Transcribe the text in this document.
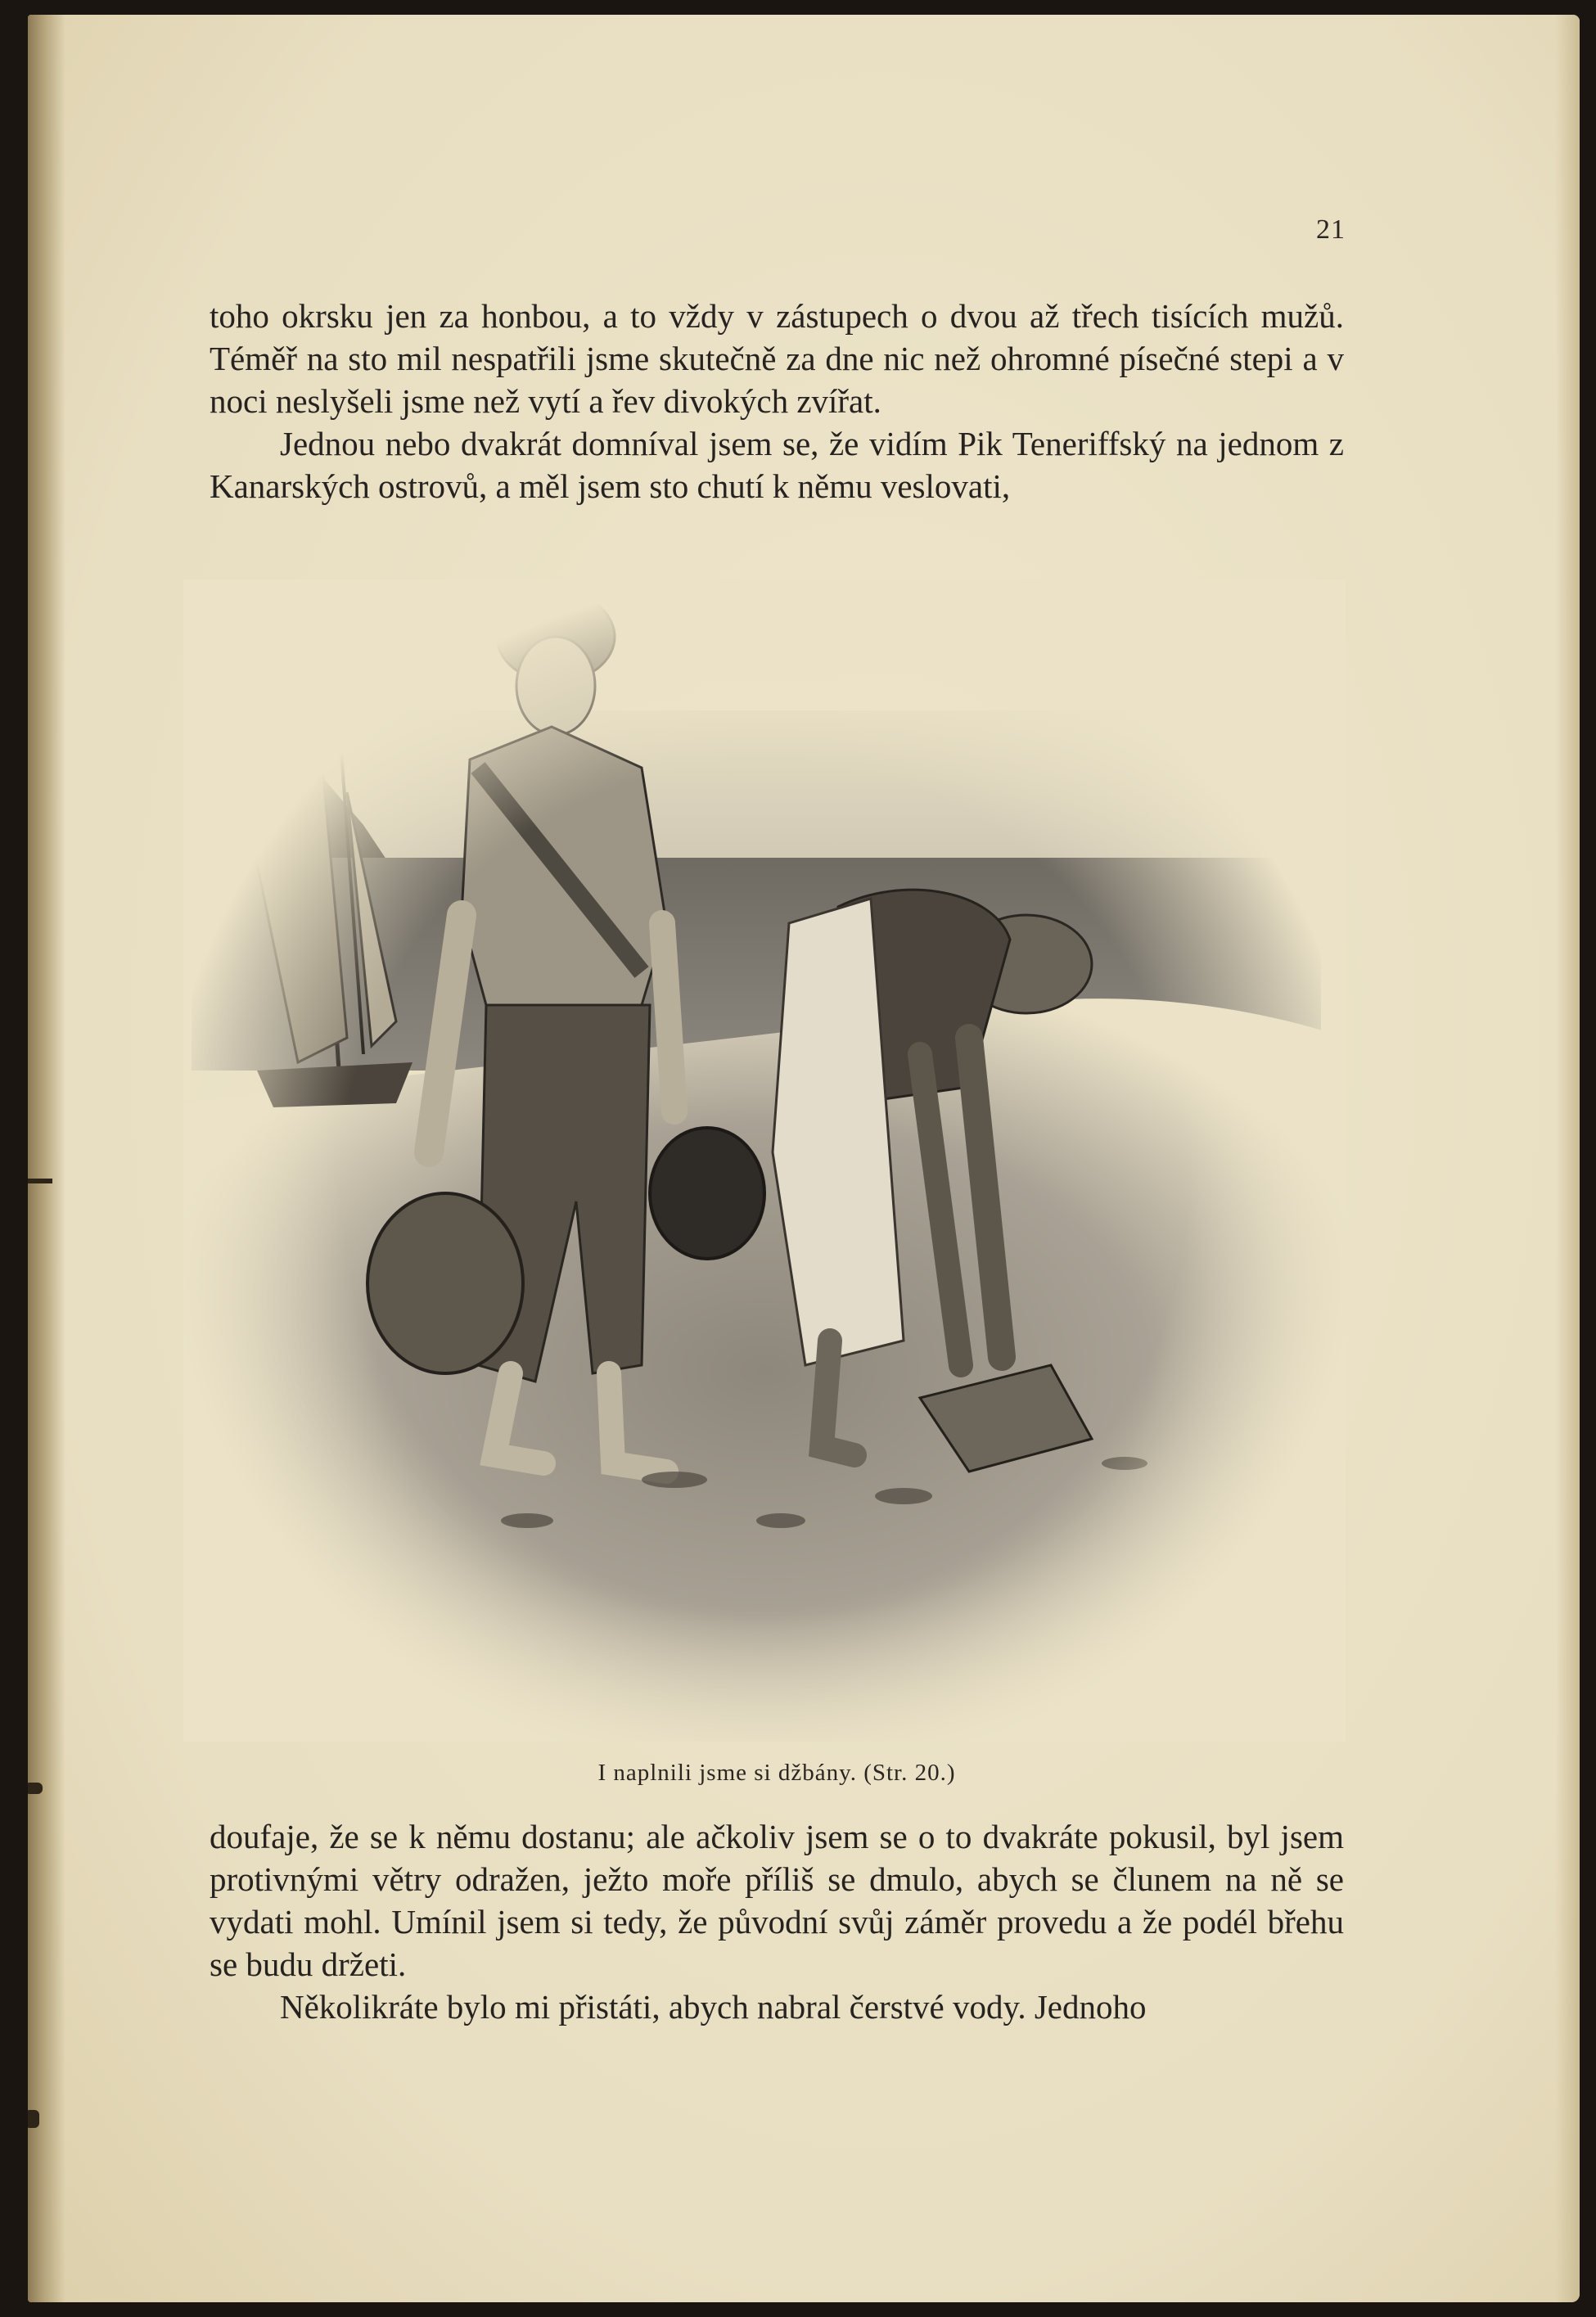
21

toho okrsku jen za honbou, a to vždy v zástupech o dvou až třech tisících mužů. Téměř na sto mil nespatřili jsme skutečně za dne nic než ohromné písečné stepi a v noci neslyšeli jsme než vytí a řev divokých zvířat.

Jednou nebo dvakrát domníval jsem se, že vidím Pik Teneriffský na jednom z Kanarských ostrovů, a měl jsem sto chutí k němu veslovati,

I naplnili jsme si džbány. (Str. 20.)

doufaje, že se k němu dostanu; ale ačkoliv jsem se o to dvakráte pokusil, byl jsem protivnými větry odražen, ježto moře příliš se dmulo, abych se člunem na ně se vydati mohl. Umínil jsem si tedy, že původní svůj záměr provedu a že podél břehu se budu držeti.

Několikráte bylo mi přistáti, abych nabral čerstvé vody. Jednoho
